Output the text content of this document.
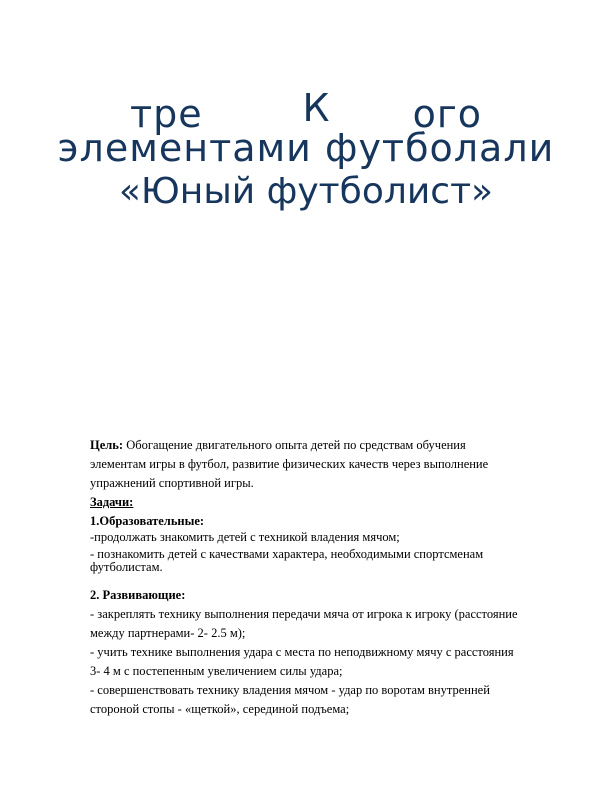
тре	ого
К
элементами футболали
«Юный футболист»

Цель: Обогащение двигательного опыта детей по средствам обучения элементам игры в футбол, развитие физических качеств через выполнение упражнений спортивной игры.

Задачи:

1.Образовательные:

-продолжать знакомить детей с техникой владения мячом;

- познакомить детей с качествами характера, необходимыми спортсменам футболистам.

2. Развивающие:

- закреплять технику выполнения передачи мяча от игрока к игроку (расстояние между партнерами- 2- 2.5 м);

- учить технике выполнения удара с места по неподвижному мячу с расстояния 3- 4 м с постепенным увеличением силы удара;

- совершенствовать технику владения мячом - удар по воротам внутренней стороной стопы - «щеткой», серединой подъема;
